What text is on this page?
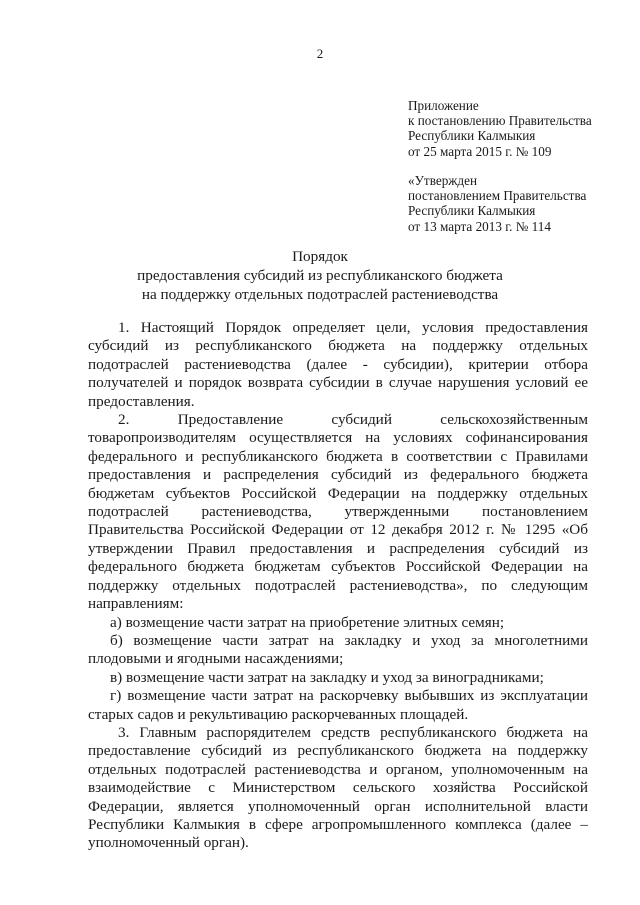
2
Приложение
к постановлению Правительства
Республики Калмыкия
от 25 марта 2015 г. № 109
«Утвержден
постановлением Правительства
Республики Калмыкия
от 13 марта 2013 г. № 114
Порядок
предоставления субсидий из республиканского бюджета
на поддержку отдельных подотраслей растениеводства
1. Настоящий Порядок определяет цели, условия предоставления
субсидий из республиканского бюджета на поддержку отдельных
подотраслей растениеводства (далее - субсидии), критерии отбора
получателей и порядок возврата субсидии в случае нарушения условий ее
предоставления.
2. Предоставление субсидий сельскохозяйственным
товаропроизводителям осуществляется на условиях софинансирования
федерального и республиканского бюджета в соответствии с Правилами
предоставления и распределения субсидий из федерального бюджета
бюджетам субъектов Российской Федерации на поддержку отдельных
подотраслей растениеводства, утвержденными постановлением
Правительства Российской Федерации от 12 декабря 2012 г. № 1295 «Об
утверждении Правил предоставления и распределения субсидий из
федерального бюджета бюджетам субъектов Российской Федерации на
поддержку отдельных подотраслей растениеводства», по следующим
направлениям:
а) возмещение части затрат на приобретение элитных семян;
б) возмещение части затрат на закладку и уход за многолетними
плодовыми и ягодными насаждениями;
в) возмещение части затрат на закладку и уход за виноградниками;
г) возмещение части затрат на раскорчевку выбывших из эксплуатации
старых садов и рекультивацию раскорчеванных площадей.
3. Главным распорядителем средств республиканского бюджета на
предоставление субсидий из республиканского бюджета на поддержку
отдельных подотраслей растениеводства и органом, уполномоченным на
взаимодействие с Министерством сельского хозяйства Российской
Федерации, является уполномоченный орган исполнительной власти
Республики Калмыкия в сфере агропромышленного комплекса (далее –
уполномоченный орган).
